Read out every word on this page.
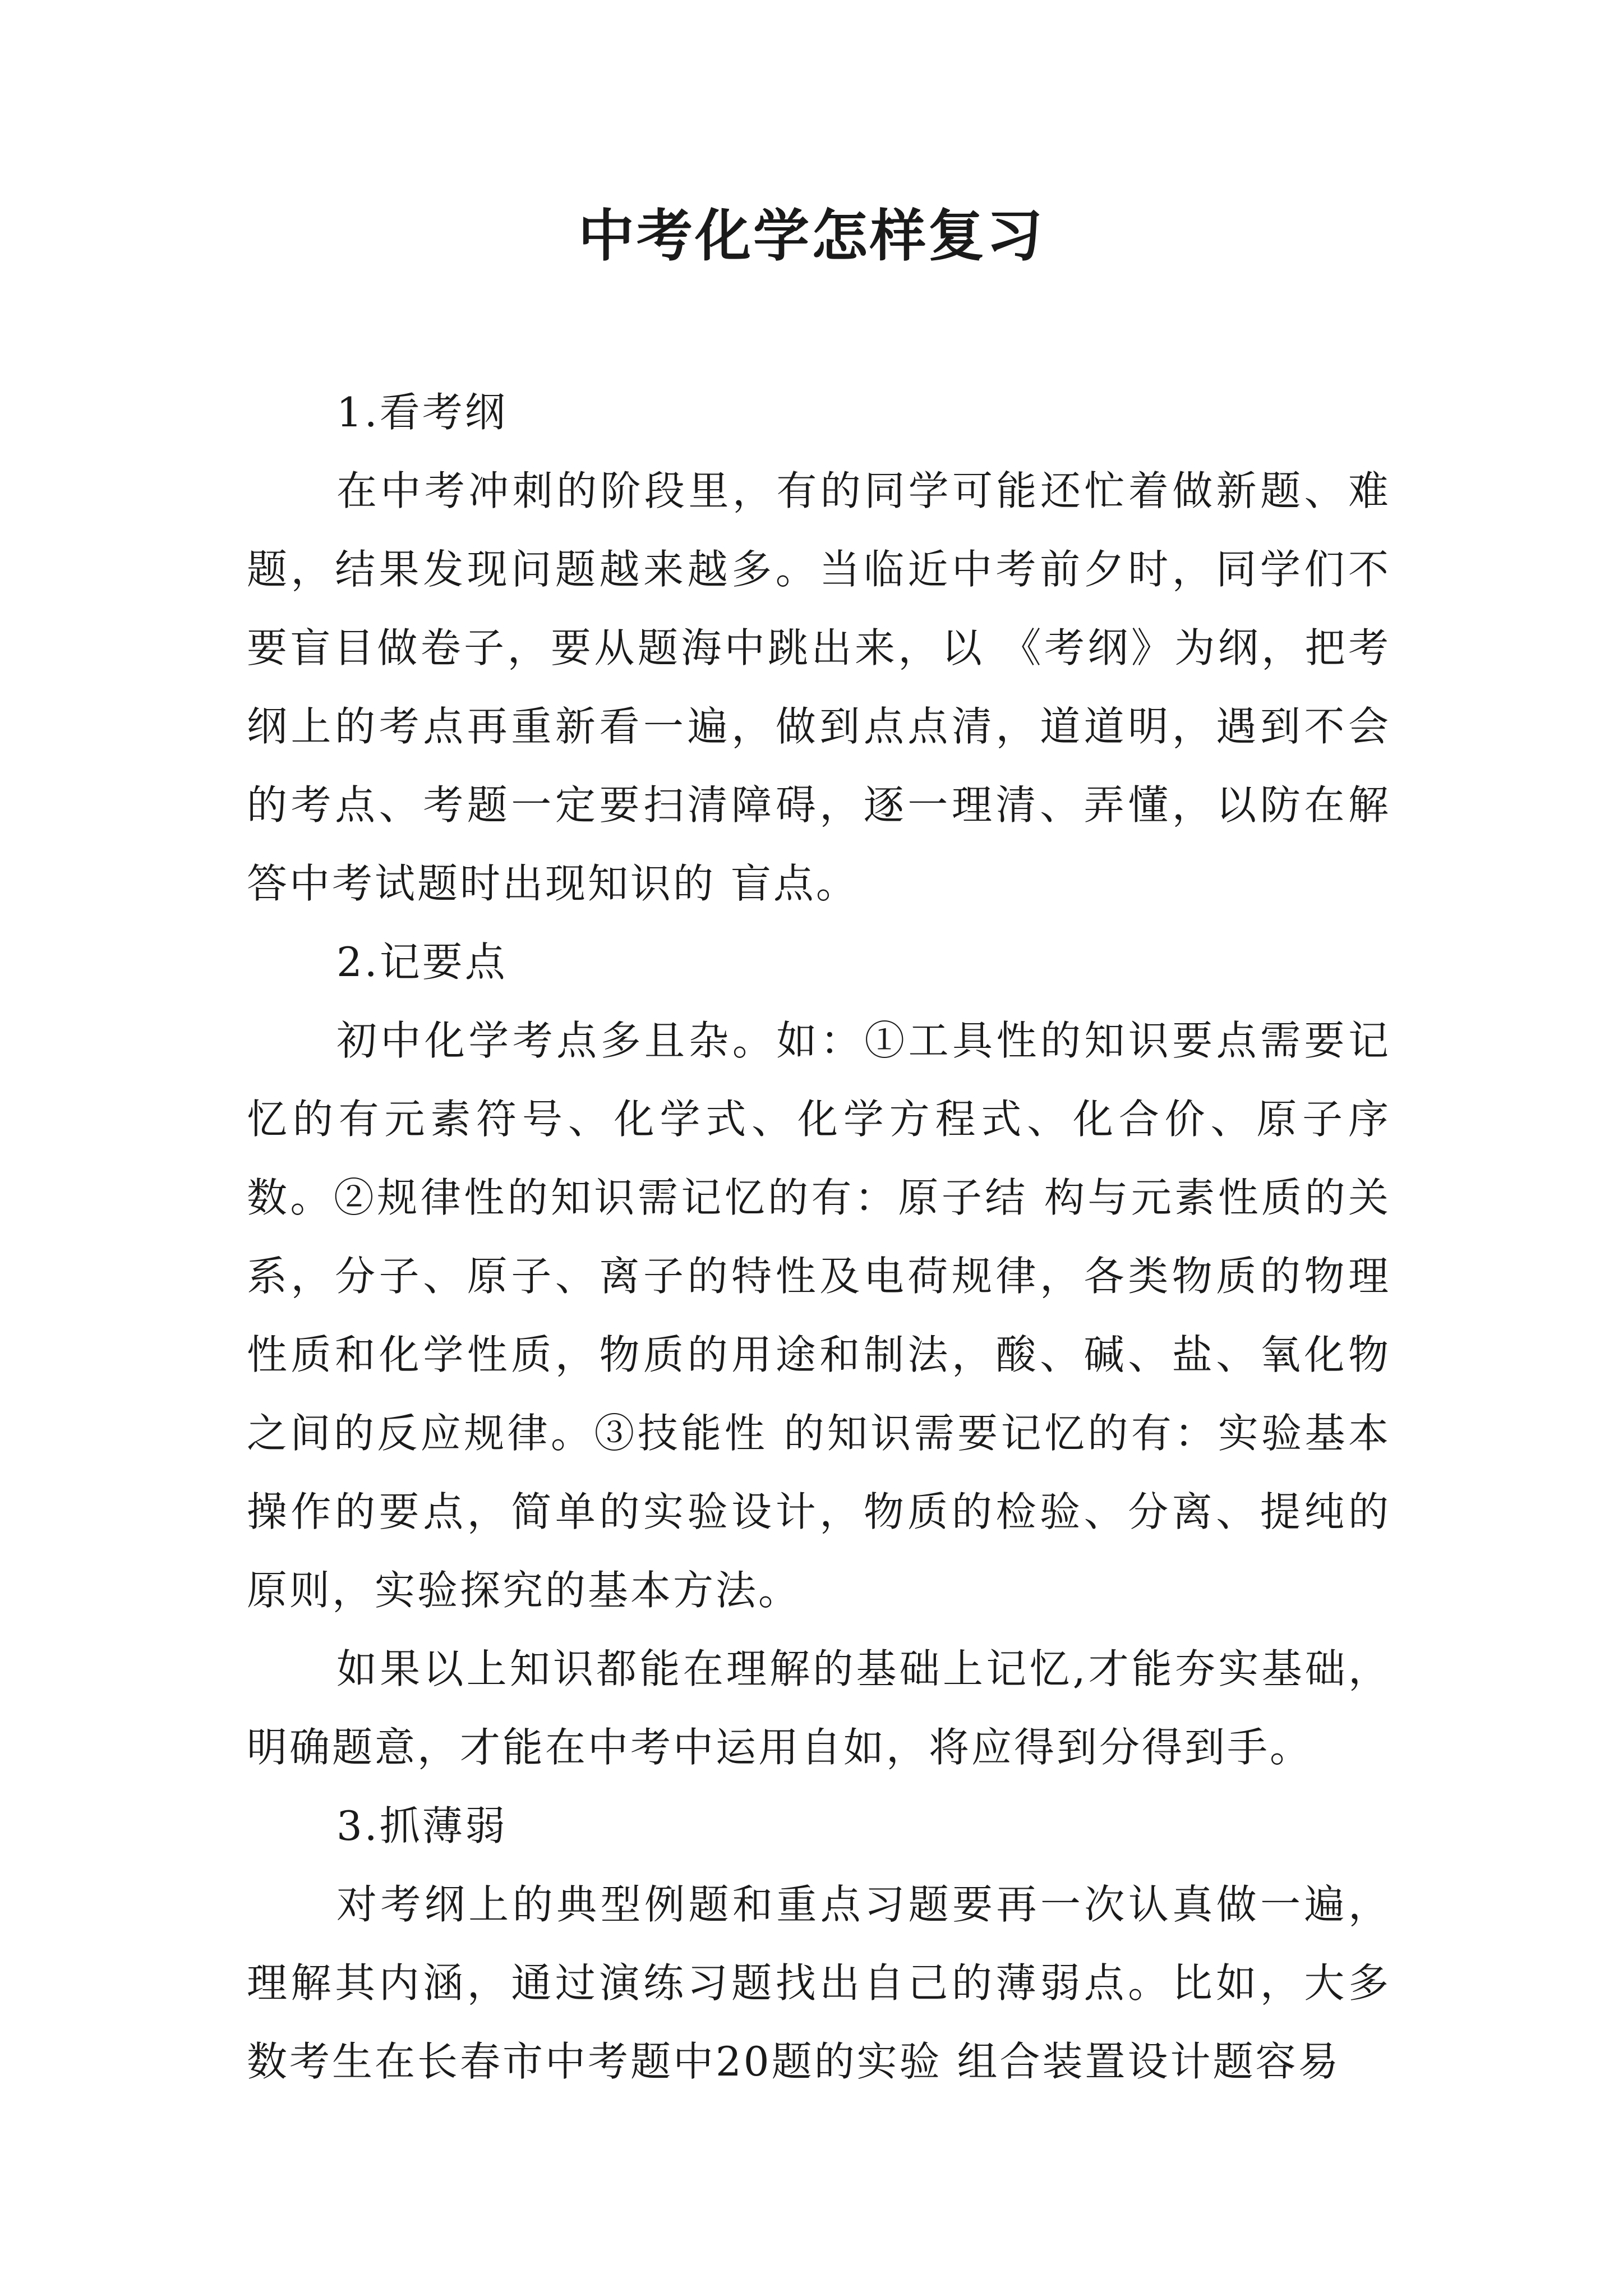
中考化学怎样复习

1.看考纲

在中考冲刺的阶段里，有的同学可能还忙着做新题、难题，结果发现问题越来越多。当临近中考前夕时，同学们不要盲目做卷子，要从题海中跳出来，以 《考纲》为纲，把考纲上的考点再重新看一遍，做到点点清，道道明，遇到不会的考点、考题一定要扫清障碍，逐一理清、弄懂，以防在解答中考试题时出现知识的 盲点。

2.记要点

初中化学考点多且杂。如：①工具性的知识要点需要记忆的有元素符号、化学式、化学方程式、化合价、原子序数。②规律性的知识需记忆的有：原子结 构与元素性质的关系，分子、原子、离子的特性及电荷规律，各类物质的物理性质和化学性质，物质的用途和制法，酸、碱、盐、氧化物之间的反应规律。③技能性 的知识需要记忆的有：实验基本操作的要点，简单的实验设计，物质的检验、分离、提纯的原则，实验探究的基本方法。

如果以上知识都能在理解的基础上记忆,才能夯实基础，明确题意，才能在中考中运用自如，将应得到分得到手。

3.抓薄弱

对考纲上的典型例题和重点习题要再一次认真做一遍，理解其内涵，通过演练习题找出自己的薄弱点。比如，大多数考生在长春市中考题中20题的实验 组合装置设计题容易
